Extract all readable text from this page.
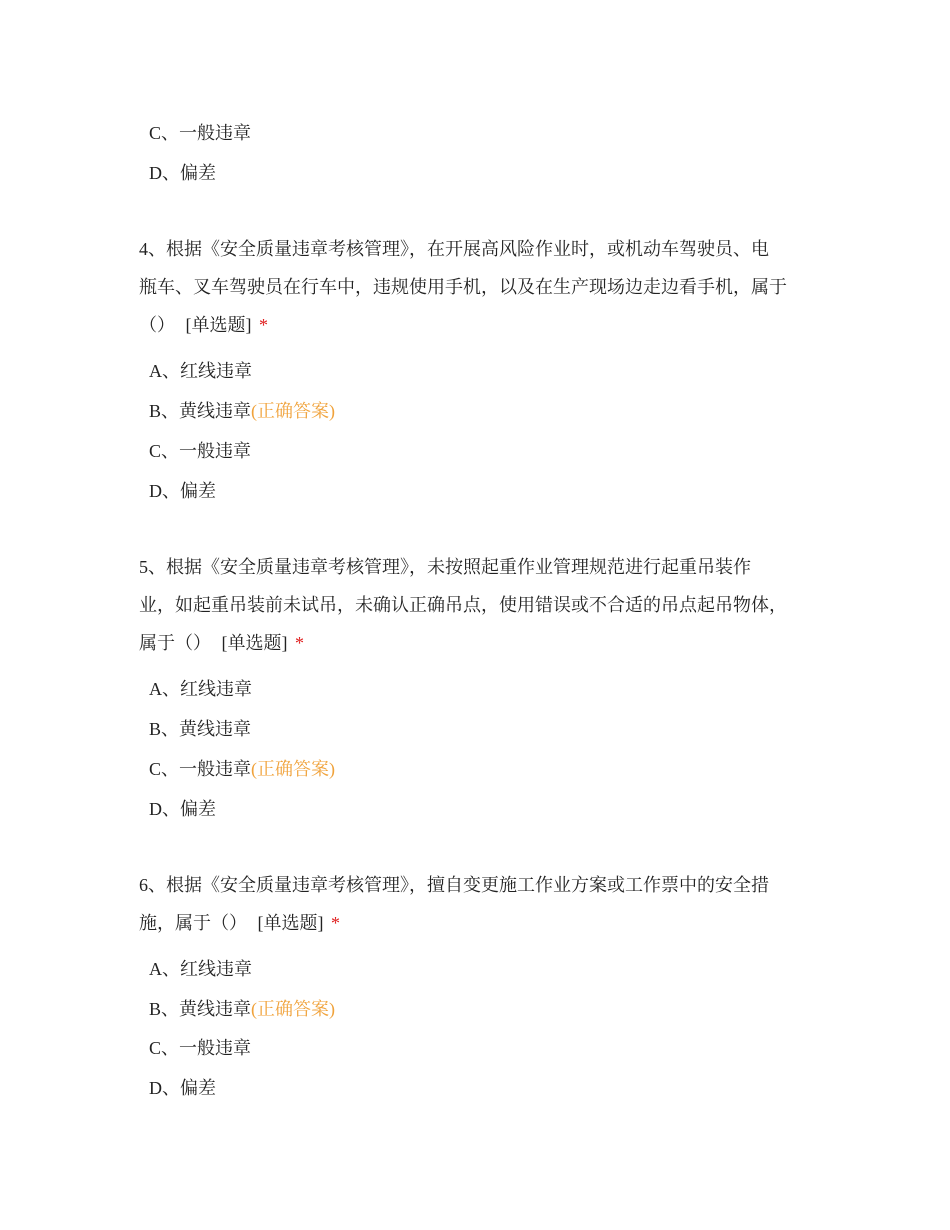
C、一般违章
D、偏差
4、根据《安全质量违章考核管理》，在开展高风险作业时，或机动车驾驶员、电
瓶车、叉车驾驶员在行车中，违规使用手机，以及在生产现场边走边看手机，属于
（） [单选题] *
A、红线违章
B、黄线违章(正确答案)
C、一般违章
D、偏差
5、根据《安全质量违章考核管理》，未按照起重作业管理规范进行起重吊装作
业，如起重吊装前未试吊，未确认正确吊点，使用错误或不合适的吊点起吊物体，
属于（） [单选题] *
A、红线违章
B、黄线违章
C、一般违章(正确答案)
D、偏差
6、根据《安全质量违章考核管理》，擅自变更施工作业方案或工作票中的安全措
施，属于（） [单选题] *
A、红线违章
B、黄线违章(正确答案)
C、一般违章
D、偏差
